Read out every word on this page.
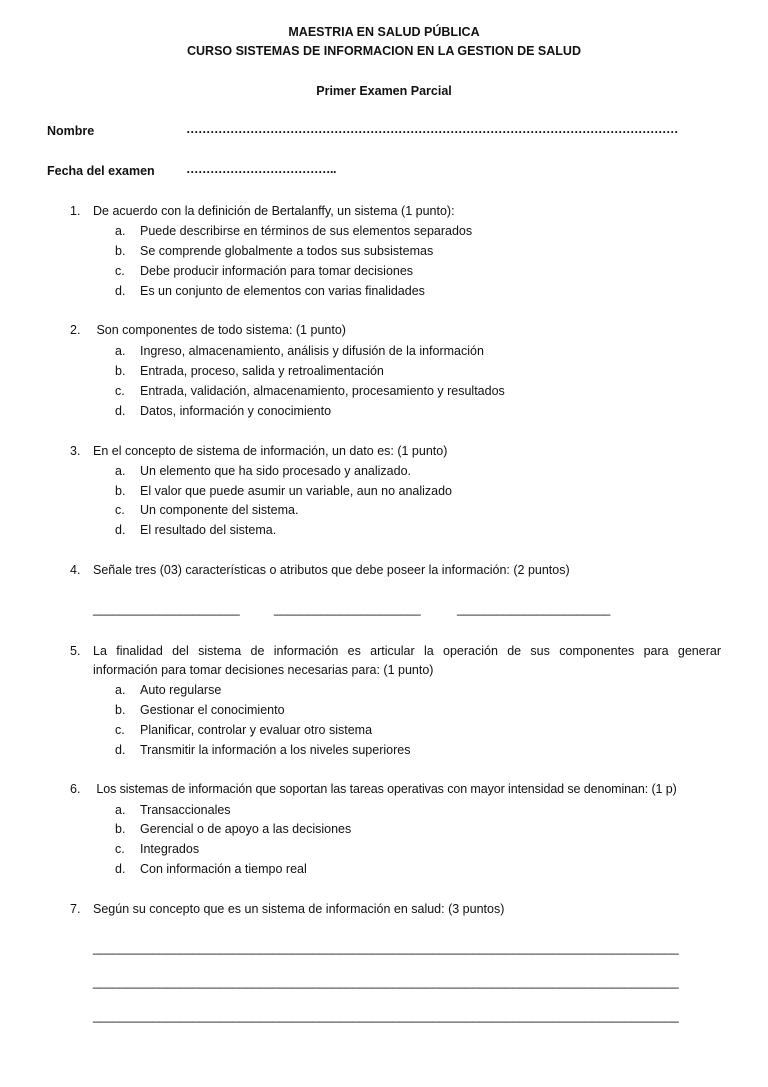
MAESTRIA EN SALUD PÚBLICA
CURSO SISTEMAS DE INFORMACION EN LA GESTION DE SALUD
Primer Examen Parcial
Nombre	……………………………………………………………………………………………………………
Fecha del examen	………………………………..
1. De acuerdo con la definición de Bertalanffy, un sistema (1 punto):
a. Puede describirse en términos de sus elementos separados
b. Se comprende globalmente a todos sus subsistemas
c. Debe producir información para tomar decisiones
d. Es un conjunto de elementos con varias finalidades
2. Son componentes de todo sistema: (1 punto)
a. Ingreso, almacenamiento, análisis y difusión de la información
b. Entrada, proceso, salida y retroalimentación
c. Entrada, validación, almacenamiento, procesamiento y resultados
d. Datos, información y conocimiento
3. En el concepto de sistema de información, un dato es: (1 punto)
a. Un elemento que ha sido procesado y analizado.
b. El valor que puede asumir un variable, aun no analizado
c. Un componente del sistema.
d. El resultado del sistema.
4. Señale tres (03) características o atributos que debe poseer la información: (2 puntos)
______________________	______________________	_______________________
5. La finalidad del sistema de información es articular la operación de sus componentes para generar
información para tomar decisiones necesarias para: (1 punto)
a. Auto regularse
b. Gestionar el conocimiento
c. Planificar, controlar y evaluar otro sistema
d. Transmitir la información a los niveles superiores
6. Los sistemas de información que soportan las tareas operativas con mayor intensidad se denominan: (1 p)
a. Transaccionales
b. Gerencial o de apoyo a las decisiones
c. Integrados
d. Con información a tiempo real
7. Según su concepto que es un sistema de información en salud: (3 puntos)
________________________________________________________________________________________
________________________________________________________________________________________
________________________________________________________________________________________
